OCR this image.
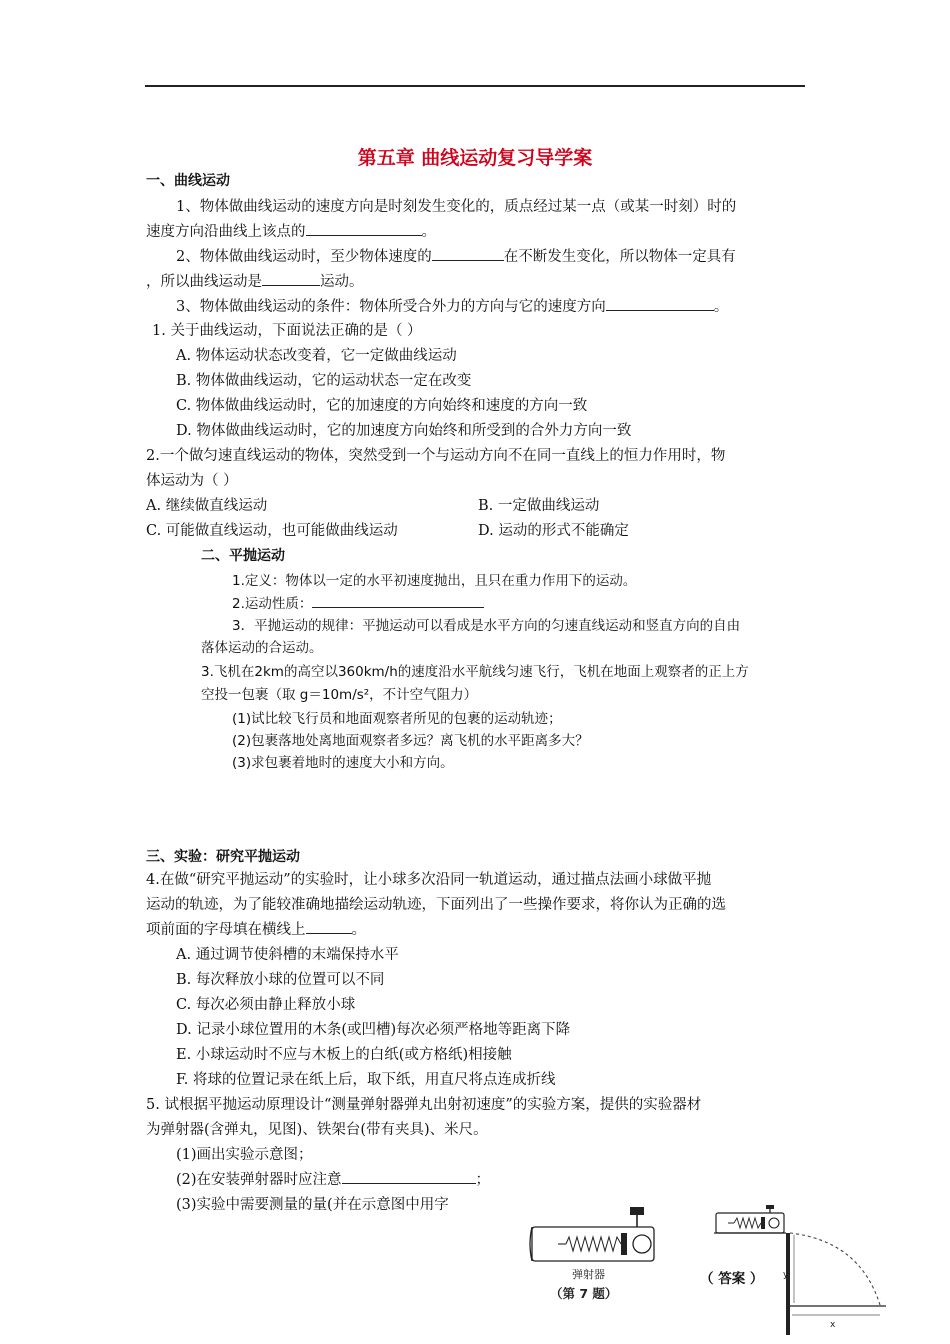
第五章 曲线运动复习导学案
一、曲线运动
1、物体做曲线运动的速度方向是时刻发生变化的，质点经过某一点（或某一时刻）时的
速度方向沿曲线上该点的	。
2、物体做曲线运动时，至少物体速度的	在不断发生变化，所以物体一定具有
，所以曲线运动是	运动。
3、物体做曲线运动的条件：物体所受合外力的方向与它的速度方向	。
1. 关于曲线运动，下面说法正确的是（ ）
A. 物体运动状态改变着，它一定做曲线运动
B. 物体做曲线运动，它的运动状态一定在改变
C. 物体做曲线运动时，它的加速度的方向始终和速度的方向一致
D. 物体做曲线运动时，它的加速度方向始终和所受到的合外力方向一致
2.一个做匀速直线运动的物体，突然受到一个与运动方向不在同一直线上的恒力作用时，物
体运动为（ ）
A. 继续做直线运动	B. 一定做曲线运动
C. 可能做直线运动，也可能做曲线运动	D. 运动的形式不能确定
二、平抛运动
1.定义：物体以一定的水平初速度抛出，且只在重力作用下的运动。
2.运动性质：
3．平抛运动的规律：平抛运动可以看成是水平方向的匀速直线运动和竖直方向的自由
落体运动的合运动。
3.飞机在2km的高空以360km/h的速度沿水平航线匀速飞行，飞机在地面上观察者的正上方
空投一包裹（取 g＝10m/s²，不计空气阻力）
(1)试比较飞行员和地面观察者所见的包裹的运动轨迹；
(2)包裹落地处离地面观察者多远？离飞机的水平距离多大？
(3)求包裹着地时的速度大小和方向。
三、实验：研究平抛运动
4.在做“研究平抛运动”的实验时，让小球多次沿同一轨道运动，通过描点法画小球做平抛
运动的轨迹，为了能较准确地描绘运动轨迹，下面列出了一些操作要求，将你认为正确的选
项前面的字母填在横线上	。
A. 通过调节使斜槽的末端保持水平
B. 每次释放小球的位置可以不同
C. 每次必须由静止释放小球
D. 记录小球位置用的木条(或凹槽)每次必须严格地等距离下降
E. 小球运动时不应与木板上的白纸(或方格纸)相接触
F. 将球的位置记录在纸上后，取下纸，用直尺将点连成折线
5. 试根据平抛运动原理设计“测量弹射器弹丸出射初速度”的实验方案，提供的实验器材
为弹射器(含弹丸，见图)、铁架台(带有夹具)、米尺。
(1)画出实验示意图；
(2)在安装弹射器时应注意	；
(3)实验中需要测量的量(并在示意图中用字
弹射器
（第 7 题）
（ 答案 ） y
x
